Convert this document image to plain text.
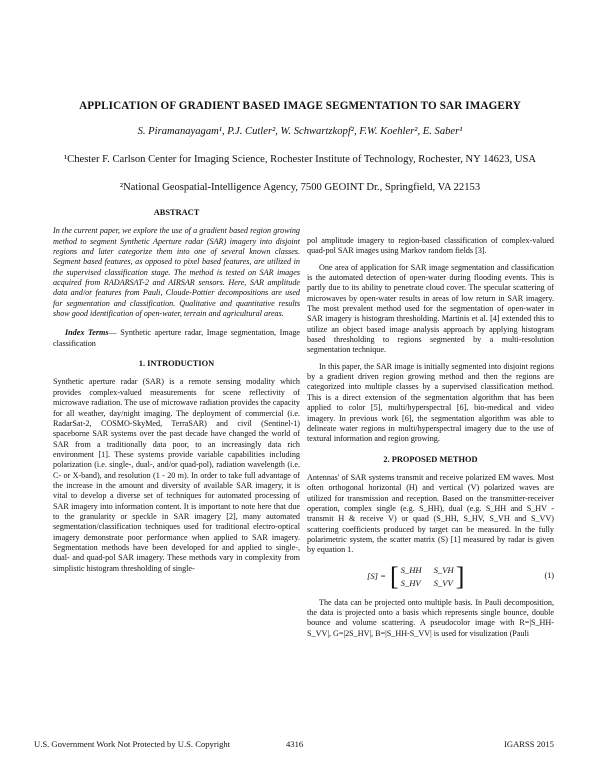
APPLICATION OF GRADIENT BASED IMAGE SEGMENTATION TO SAR IMAGERY
S. Piramanayagam¹, P.J. Cutler², W. Schwartzkopf², F.W. Koehler², E. Saber¹
¹Chester F. Carlson Center for Imaging Science, Rochester Institute of Technology, Rochester, NY 14623, USA
²National Geospatial-Intelligence Agency, 7500 GEOINT Dr., Springfield, VA 22153
ABSTRACT

In the current paper, we explore the use of a gradient based region growing method to segment Synthetic Aperture radar (SAR) imagery into disjoint regions and later categorize them into one of several known classes. Segment based features, as opposed to pixel based features, are utilized in the supervised classification stage. The method is tested on SAR images acquired from RADARSAT-2 and AIRSAR sensors. Here, SAR amplitude data and/or features from Pauli, Cloude-Pottier decompositions are used for segmentation and classification. Qualitative and quantitative results show good identification of open-water, terrain and agricultural areas.

Index Terms— Synthetic aperture radar, Image segmentation, Image classification

1. INTRODUCTION

Synthetic aperture radar (SAR) is a remote sensing modality which provides complex-valued measurements for scene reflectivity of microwave radiation. The use of microwave radiation provides the capacity for all weather, day/night imaging. The deployment of commercial (i.e. RadarSat-2, COSMO-SkyMed, TerraSAR) and civil (Sentinel-1) spaceborne SAR systems over the past decade have changed the world of SAR from a traditionally data poor, to an increasingly data rich environment [1]. These systems provide variable capabilities including polarization (i.e. single-, dual-, and/or quad-pol), radiation wavelength (i.e. C- or X-band), and resolution (1 - 20 m). In order to take full advantage of the increase in the amount and diversity of available SAR imagery, it is vital to develop a diverse set of techniques for automated processing of SAR imagery into information content. It is important to note here that due to the granularity or speckle in SAR imagery [2], many automated segmentation/classification techniques used for traditional electro-optical imagery demonstrate poor performance when applied to SAR imagery. Segmentation methods have been developed for and applied to single-, dual- and quad-pol SAR imagery. These methods vary in complexity from simplistic histogram thresholding of single-

pol amplitude imagery to region-based classification of complex-valued quad-pol SAR images using Markov random fields [3].

One area of application for SAR image segmentation and classification is the automated detection of open-water during flooding events. This is partly due to its ability to penetrate cloud cover. The specular scattering of microwaves by open-water results in areas of low return in SAR imagery. The most prevalent method used for the segmentation of open-water in SAR imagery is histogram thresholding. Martinis et al. [4] extended this to utilize an object based image analysis approach by applying histogram based thresholding to regions segmented by a multi-resolution segmentation technique.

In this paper, the SAR image is initially segmented into disjoint regions by a gradient driven region growing method and then the regions are categorized into multiple classes by a supervised classification method. This is a direct extension of the segmentation algorithm that has been applied to color [5], multi/hyperspectral [6], bio-medical and video imagery. In previous work [6], the segmentation algorithm was able to delineate water regions in multi/hyperspectral imagery due to the use of textural information and region growing.

2. PROPOSED METHOD

Antennas' of SAR systems transmit and receive polarized EM waves. Most often orthogonal horizontal (H) and vertical (V) polarized waves are utilized for transmission and reception. Based on the transmitter-receiver operation, complex single (e.g. S_HH), dual (e.g. S_HH and S_HV - transmit H & receive V) or quad (S_HH, S_HV, S_VH and S_VV) scattering coefficients produced by target can be measured. In the fully polarimetric system, the scatter matrix (S) [1] measured by radar is given by equation 1.

[S] = [ S_HH S_VH
S_HV S_VV ]	(1)

The data can be projected onto multiple basis. In Pauli decomposition, the data is projected onto a basis which represents single bounce, double bounce and volume scattering. A pseudocolor image with R=|S_HH-S_VV|, G=|2S_HV|, B=|S_HH-S_VV| is used for visulization (Pauli

U.S. Government Work Not Protected by U.S. Copyright	4316	IGARSS 2015
